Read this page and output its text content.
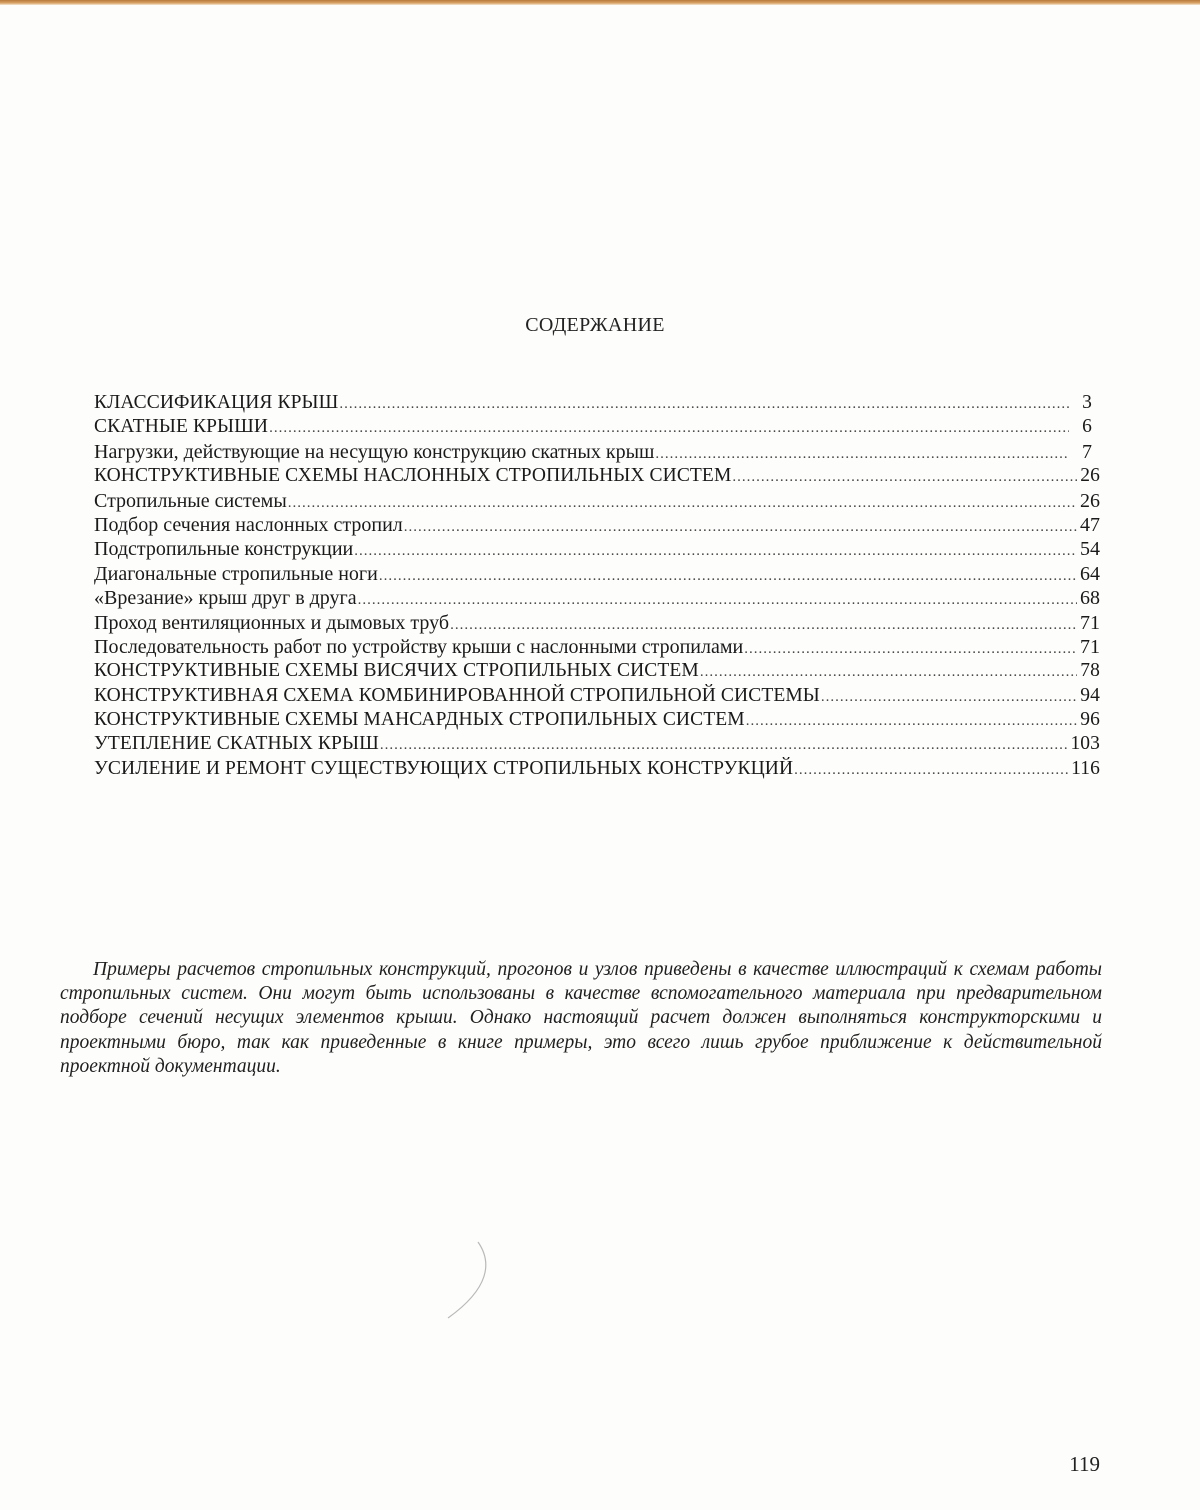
СОДЕРЖАНИЕ
КЛАССИФИКАЦИЯ КРЫШ .....	3
СКАТНЫЕ КРЫШИ .....	6
Нагрузки, действующие на несущую конструкцию скатных крыш .....	7
КОНСТРУКТИВНЫЕ СХЕМЫ НАСЛОННЫХ СТРОПИЛЬНЫХ СИСТЕМ .....	26
Стропильные системы .....	26
Подбор сечения наслонных стропил .....	47
Подстропильные конструкции .....	54
Диагональные стропильные ноги .....	64
«Врезание» крыш друг в друга .....	68
Проход вентиляционных и дымовых труб .....	71
Последовательность работ по устройству крыши с наслонными стропилами .....	71
КОНСТРУКТИВНЫЕ СХЕМЫ ВИСЯЧИХ СТРОПИЛЬНЫХ СИСТЕМ .....	78
КОНСТРУКТИВНАЯ СХЕМА КОМБИНИРОВАННОЙ СТРОПИЛЬНОЙ СИСТЕМЫ .....	94
КОНСТРУКТИВНЫЕ СХЕМЫ МАНСАРДНЫХ СТРОПИЛЬНЫХ СИСТЕМ .....	96
УТЕПЛЕНИЕ СКАТНЫХ КРЫШ .....	103
УСИЛЕНИЕ И РЕМОНТ СУЩЕСТВУЮЩИХ СТРОПИЛЬНЫХ КОНСТРУКЦИЙ .....	116

Примеры расчетов стропильных конструкций, прогонов и узлов приведены в качестве иллюстраций к схемам работы стропильных систем. Они могут быть использованы в качестве вспомогательного материала при предварительном подборе сечений несущих элементов крыши. Однако настоящий расчет должен выполняться конструкторскими и проектными бюро, так как приведенные в книге примеры, это всего лишь грубое приближение к действительной проектной документации.

119
